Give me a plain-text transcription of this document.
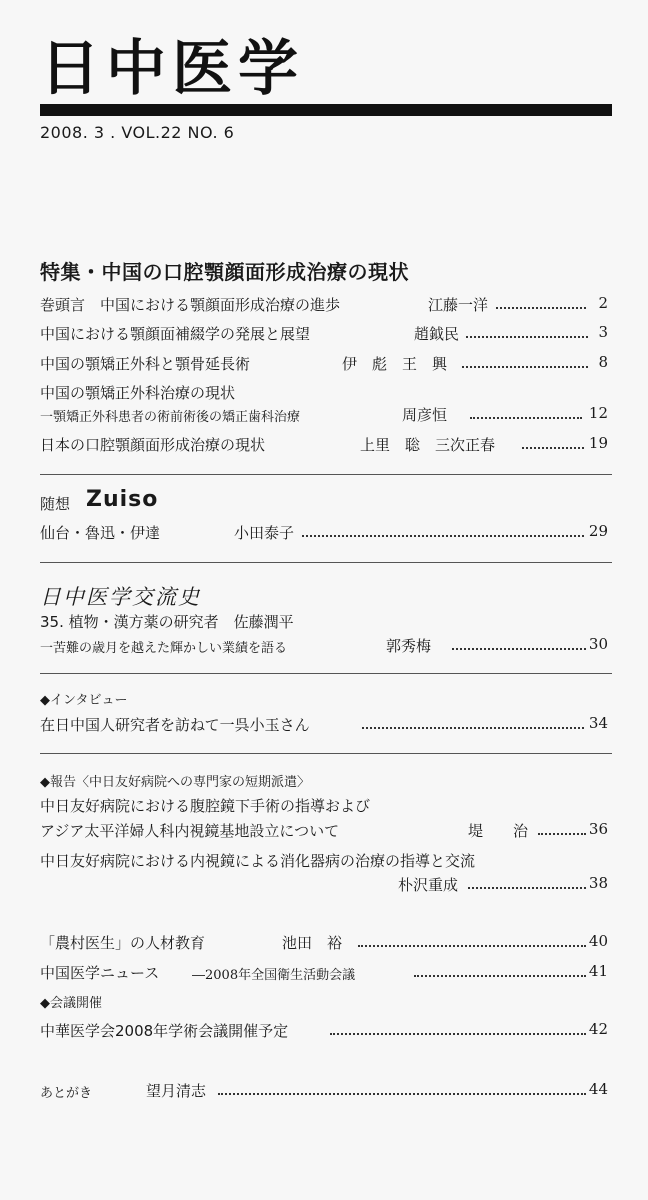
日中医学
2008. 3 . VOL.22 NO. 6
特集・中国の口腔顎顔面形成治療の現状
巻頭言　中国における顎顔面形成治療の進歩	江藤一洋	2
中国における顎顔面補綴学の発展と展望	趙鉞民	3
中国の顎矯正外科と顎骨延長術	伊　彪　王　興	8
中国の顎矯正外科治療の現状
一顎矯正外科患者の術前術後の矯正歯科治療	周彦恒	12
日本の口腔顎顔面形成治療の現状	上里　聡　三次正春	19
随想 Zuiso
仙台・魯迅・伊達	小田泰子	29
日中医学交流史
35. 植物・漢方薬の研究者　佐藤潤平
一苦難の歳月を越えた輝かしい業績を語る	郭秀梅	30
◆インタビュー
在日中国人研究者を訪ねて一呉小玉さん	34
◆報告〈中日友好病院への専門家の短期派遣〉
中日友好病院における腹腔鏡下手術の指導および
アジア太平洋婦人科内視鏡基地設立について	堤　　治	36
中日友好病院における内視鏡による消化器病の治療の指導と交流
朴沢重成	38
「農村医生」の人材教育	池田　裕	40
中国医学ニュース	―2008年全国衛生活動会議	41
◆会議開催
中華医学会2008年学術会議開催予定	42
あとがき	望月清志	44
